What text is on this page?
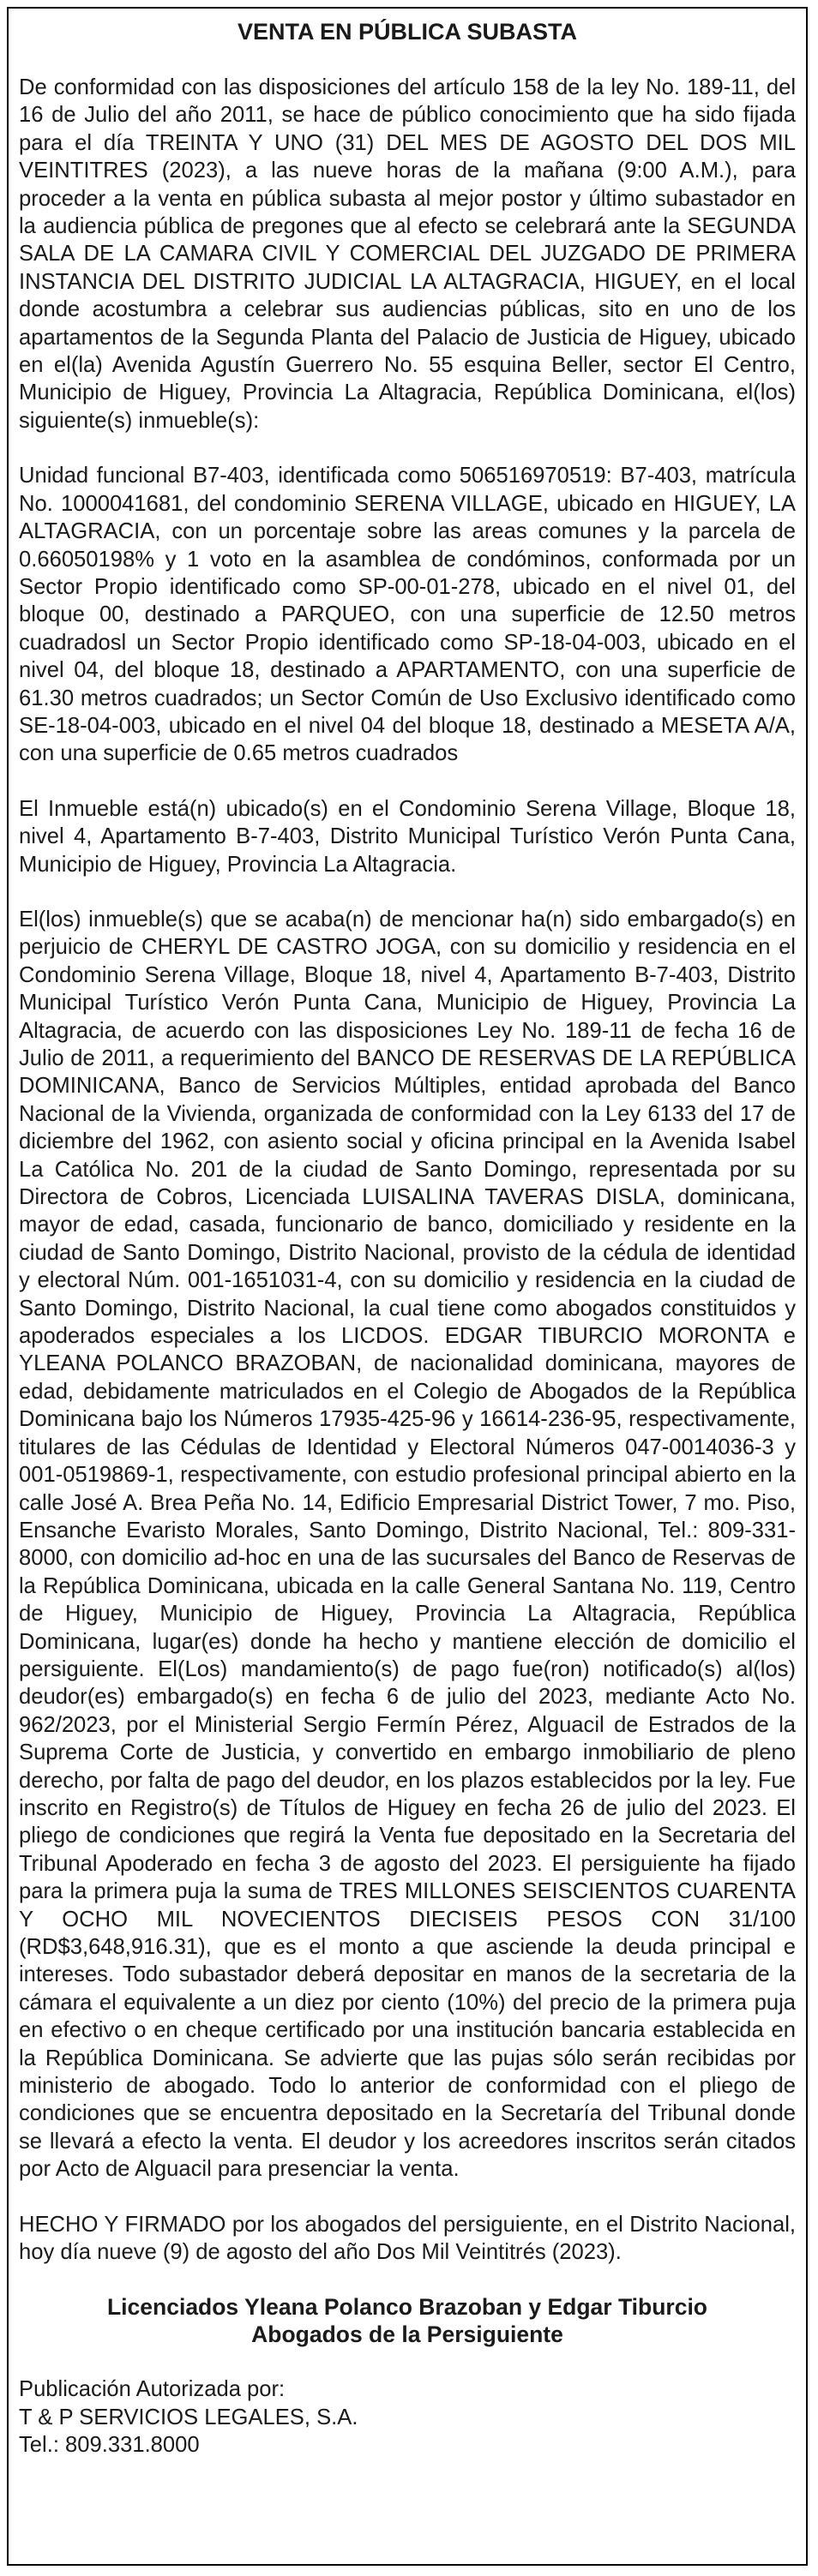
VENTA EN PÚBLICA SUBASTA

De conformidad con las disposiciones del artículo 158 de la ley No. 189-11, del 16 de Julio del año 2011, se hace de público conocimiento que ha sido fijada para el día TREINTA Y UNO (31) DEL MES DE AGOSTO DEL DOS MIL VEINTITRES (2023), a las nueve horas de la mañana (9:00 A.M.), para proceder a la venta en pública subasta al mejor postor y último subastador en la audiencia pública de pregones que al efecto se celebrará ante la SEGUNDA SALA DE LA CAMARA CIVIL Y COMERCIAL DEL JUZGADO DE PRIMERA INSTANCIA DEL DISTRITO JUDICIAL LA ALTAGRACIA, HIGUEY, en el local donde acostumbra a celebrar sus audiencias públicas, sito en uno de los apartamentos de la Segunda Planta del Palacio de Justicia de Higuey, ubicado en el(la) Avenida Agustín Guerrero No. 55 esquina Beller, sector El Centro, Municipio de Higuey, Provincia La Altagracia, República Dominicana, el(los) siguiente(s) inmueble(s):

Unidad funcional B7-403, identificada como 506516970519: B7-403, matrícula No. 1000041681, del condominio SERENA VILLAGE, ubicado en HIGUEY, LA ALTAGRACIA, con un porcentaje sobre las areas comunes y la parcela de 0.66050198% y 1 voto en la asamblea de condóminos, conformada por un Sector Propio identificado como SP-00-01-278, ubicado en el nivel 01, del bloque 00, destinado a PARQUEO, con una superficie de 12.50 metros cuadradosl un Sector Propio identificado como SP-18-04-003, ubicado en el nivel 04, del bloque 18, destinado a APARTAMENTO, con una superficie de 61.30 metros cuadrados; un Sector Común de Uso Exclusivo identificado como SE-18-04-003, ubicado en el nivel 04 del bloque 18, destinado a MESETA A/A, con una superficie de 0.65 metros cuadrados

El Inmueble está(n) ubicado(s) en el Condominio Serena Village, Bloque 18, nivel 4, Apartamento B-7-403, Distrito Municipal Turístico Verón Punta Cana, Municipio de Higuey, Provincia La Altagracia.

El(los) inmueble(s) que se acaba(n) de mencionar ha(n) sido embargado(s) en perjuicio de CHERYL DE CASTRO JOGA, con su domicilio y residencia en el Condominio Serena Village, Bloque 18, nivel 4, Apartamento B-7-403, Distrito Municipal Turístico Verón Punta Cana, Municipio de Higuey, Provincia La Altagracia, de acuerdo con las disposiciones Ley No. 189-11 de fecha 16 de Julio de 2011, a requerimiento del BANCO DE RESERVAS DE LA REPÚBLICA DOMINICANA, Banco de Servicios Múltiples, entidad aprobada del Banco Nacional de la Vivienda, organizada de conformidad con la Ley 6133 del 17 de diciembre del 1962, con asiento social y oficina principal en la Avenida Isabel La Católica No. 201 de la ciudad de Santo Domingo, representada por su Directora de Cobros, Licenciada LUISALINA TAVERAS DISLA, dominicana, mayor de edad, casada, funcionario de banco, domiciliado y residente en la ciudad de Santo Domingo, Distrito Nacional, provisto de la cédula de identidad y electoral Núm. 001-1651031-4, con su domicilio y residencia en la ciudad de Santo Domingo, Distrito Nacional, la cual tiene como abogados constituidos y apoderados especiales a los LICDOS. EDGAR TIBURCIO MORONTA e YLEANA POLANCO BRAZOBAN, de nacionalidad dominicana, mayores de edad, debidamente matriculados en el Colegio de Abogados de la República Dominicana bajo los Números 17935-425-96 y 16614-236-95, respectivamente, titulares de las Cédulas de Identidad y Electoral Números 047-0014036-3 y 001-0519869-1, respectivamente, con estudio profesional principal abierto en la calle José A. Brea Peña No. 14, Edificio Empresarial District Tower, 7 mo. Piso, Ensanche Evaristo Morales, Santo Domingo, Distrito Nacional, Tel.: 809-331-8000, con domicilio ad-hoc en una de las sucursales del Banco de Reservas de la República Dominicana, ubicada en la calle General Santana No. 119, Centro de Higuey, Municipio de Higuey, Provincia La Altagracia, República Dominicana, lugar(es) donde ha hecho y mantiene elección de domicilio el persiguiente. El(Los) mandamiento(s) de pago fue(ron) notificado(s) al(los) deudor(es) embargado(s) en fecha 6 de julio del 2023, mediante Acto No. 962/2023, por el Ministerial Sergio Fermín Pérez, Alguacil de Estrados de la Suprema Corte de Justicia, y convertido en embargo inmobiliario de pleno derecho, por falta de pago del deudor, en los plazos establecidos por la ley. Fue inscrito en Registro(s) de Títulos de Higuey en fecha 26 de julio del 2023. El pliego de condiciones que regirá la Venta fue depositado en la Secretaria del Tribunal Apoderado en fecha 3 de agosto del 2023. El persiguiente ha fijado para la primera puja la suma de TRES MILLONES SEISCIENTOS CUARENTA Y OCHO MIL NOVECIENTOS DIECISEIS PESOS CON 31/100 (RD$3,648,916.31), que es el monto a que asciende la deuda principal e intereses. Todo subastador deberá depositar en manos de la secretaria de la cámara el equivalente a un diez por ciento (10%) del precio de la primera puja en efectivo o en cheque certificado por una institución bancaria establecida en la República Dominicana. Se advierte que las pujas sólo serán recibidas por ministerio de abogado. Todo lo anterior de conformidad con el pliego de condiciones que se encuentra depositado en la Secretaría del Tribunal donde se llevará a efecto la venta. El deudor y los acreedores inscritos serán citados por Acto de Alguacil para presenciar la venta.

HECHO Y FIRMADO por los abogados del persiguiente, en el Distrito Nacional, hoy día nueve (9) de agosto del año Dos Mil Veintitrés (2023).

Licenciados Yleana Polanco Brazoban y Edgar Tiburcio
Abogados de la Persiguiente

Publicación Autorizada por:

T & P SERVICIOS LEGALES, S.A.

Tel.: 809.331.8000
